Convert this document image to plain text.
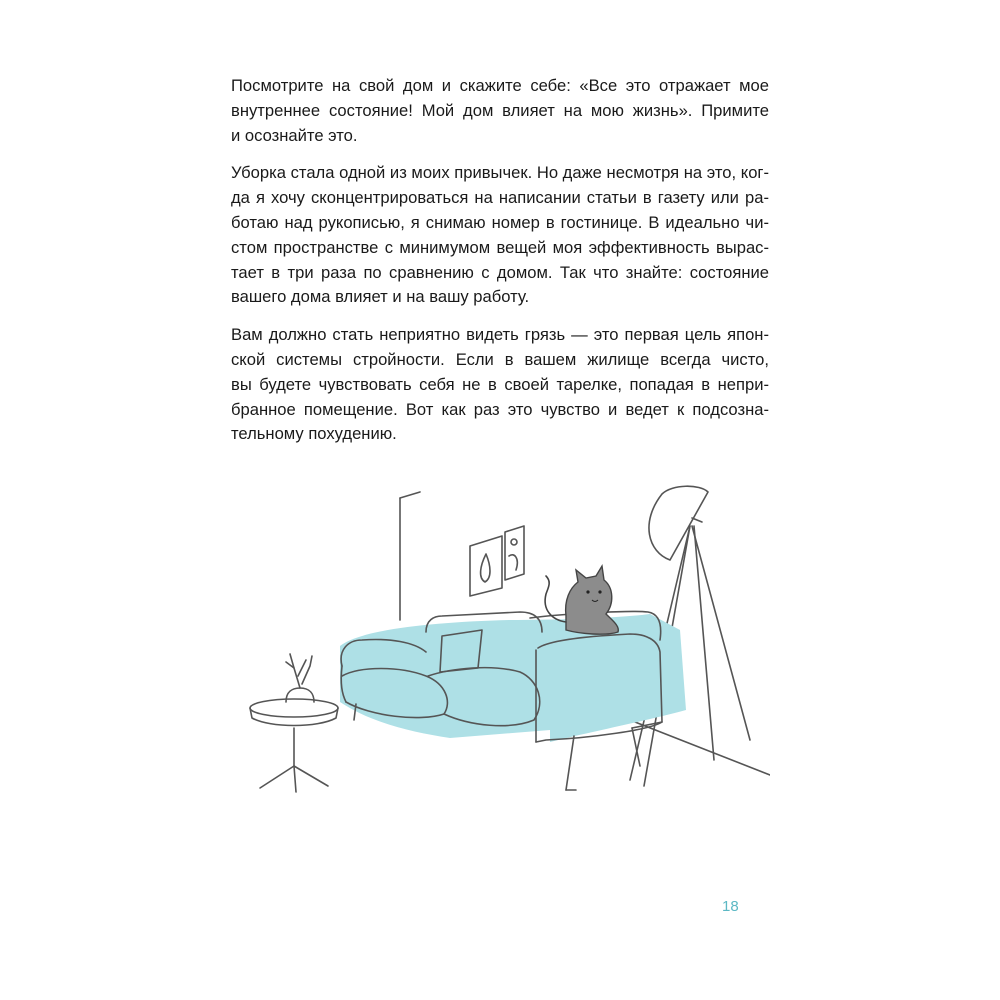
Посмотрите на свой дом и скажите себе: «Все это отражает мое
внутреннее состояние! Мой дом влияет на мою жизнь». Примите
и осознайте это.

Уборка стала одной из моих привычек. Но даже несмотря на это, ког-
да я хочу сконцентрироваться на написании статьи в газету или ра-
ботаю над рукописью, я снимаю номер в гостинице. В идеально чи-
стом пространстве с минимумом вещей моя эффективность вырас-
тает в три раза по сравнению с домом. Так что знайте: состояние
вашего дома влияет и на вашу работу.

Вам должно стать неприятно видеть грязь — это первая цель япон-
ской системы стройности. Если в вашем жилище всегда чисто,
вы будете чувствовать себя не в своей тарелке, попадая в непри-
бранное помещение. Вот как раз это чувство и ведет к подсозна-
тельному похудению.

18
